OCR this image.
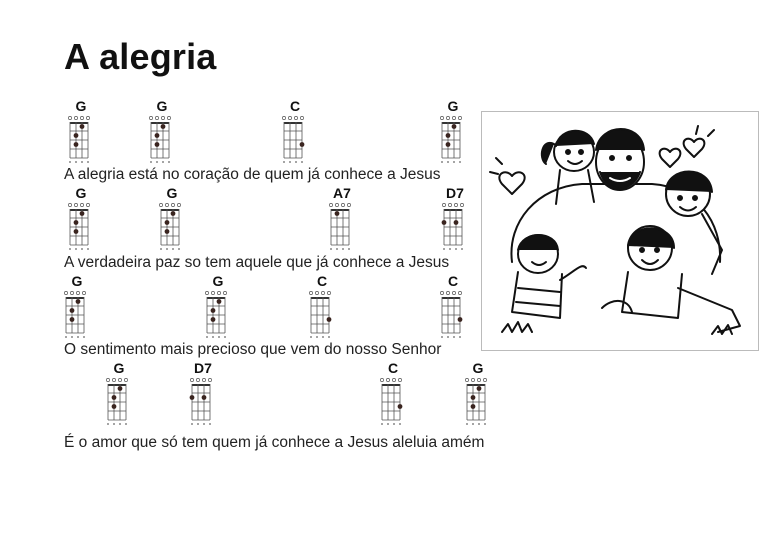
A alegria
G	G	C	G
A alegria está no coração de quem já conhece a Jesus
G	G	A7	D7
A verdadeira paz so tem aquele que já conhece a Jesus
G	G	C	C
O sentimento mais precioso que vem do nosso Senhor
G	D7	C	G
É o amor que só tem quem já conhece a Jesus aleluia amém
